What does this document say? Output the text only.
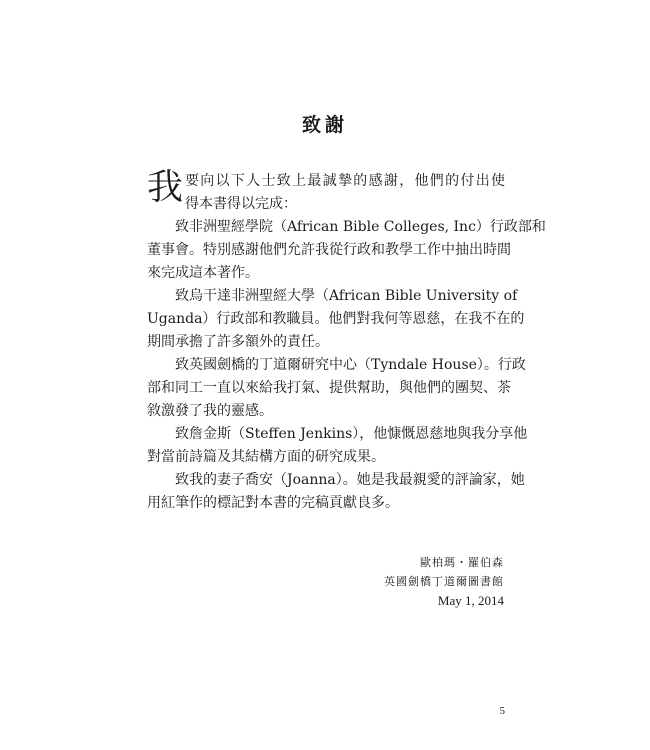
致謝
我 要向以下人士致上最誠摯的感謝，他們的付出使
得本書得以完成：
致非洲聖經學院（African Bible Colleges, Inc）行政部和
董事會。特別感謝他們允許我從行政和教學工作中抽出時間
來完成這本著作。
致烏干達非洲聖經大學（African Bible University of
Uganda）行政部和教職員。他們對我何等恩慈，在我不在的
期間承擔了許多額外的責任。
致英國劍橋的丁道爾研究中心（Tyndale House）。行政
部和同工一直以來給我打氣、提供幫助，與他們的團契、茶
敘激發了我的靈感。
致詹金斯（Steffen Jenkins），他慷慨恩慈地與我分享他
對當前詩篇及其結構方面的研究成果。
致我的妻子喬安（Joanna）。她是我最親愛的評論家，她
用紅筆作的標記對本書的完稿貢獻良多。
歐柏瑪・羅伯森
英國劍橋丁道爾圖書館
May 1, 2014
5
